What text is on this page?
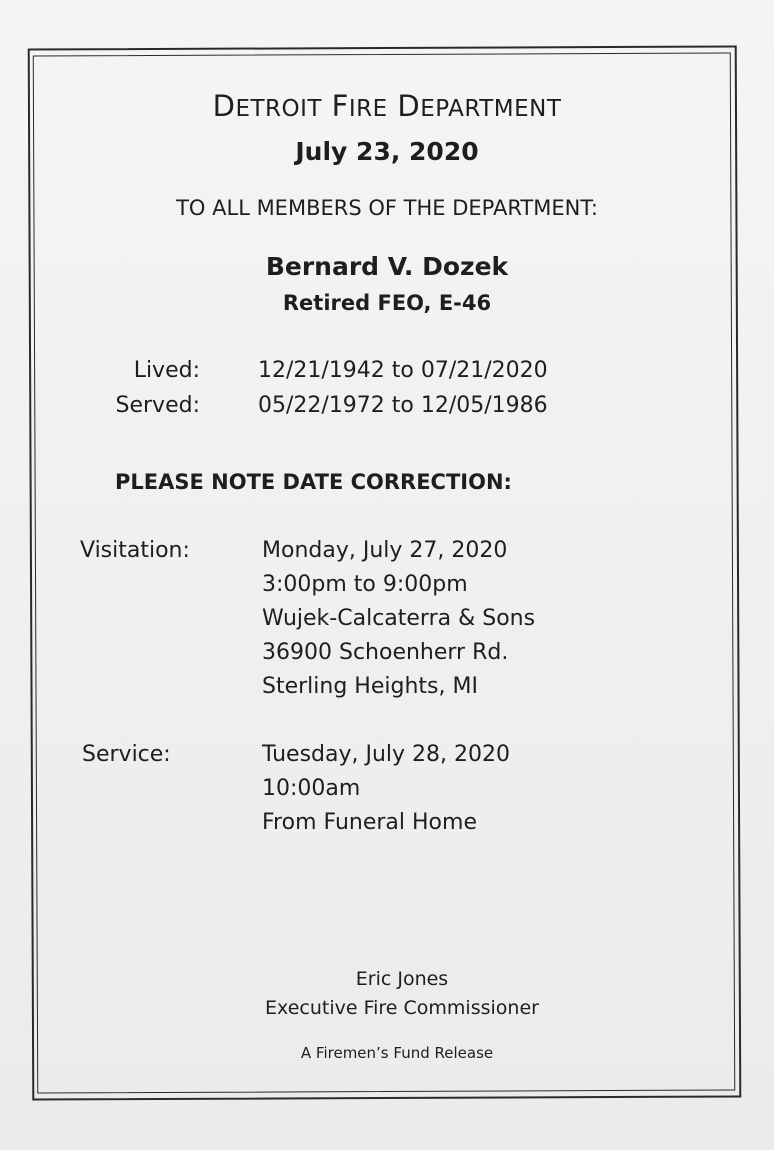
DETROIT FIRE DEPARTMENT
July 23, 2020
TO ALL MEMBERS OF THE DEPARTMENT:
Bernard V. Dozek
Retired FEO, E-46
Lived:	12/21/1942 to 07/21/2020
Served:	05/22/1972 to 12/05/1986
PLEASE NOTE DATE CORRECTION:
Visitation:	Monday, July 27, 2020
3:00pm to 9:00pm
Wujek-Calcaterra & Sons
36900 Schoenherr Rd.
Sterling Heights, MI
Service:	Tuesday, July 28, 2020
10:00am
From Funeral Home
Eric Jones
Executive Fire Commissioner
A Firemen’s Fund Release
